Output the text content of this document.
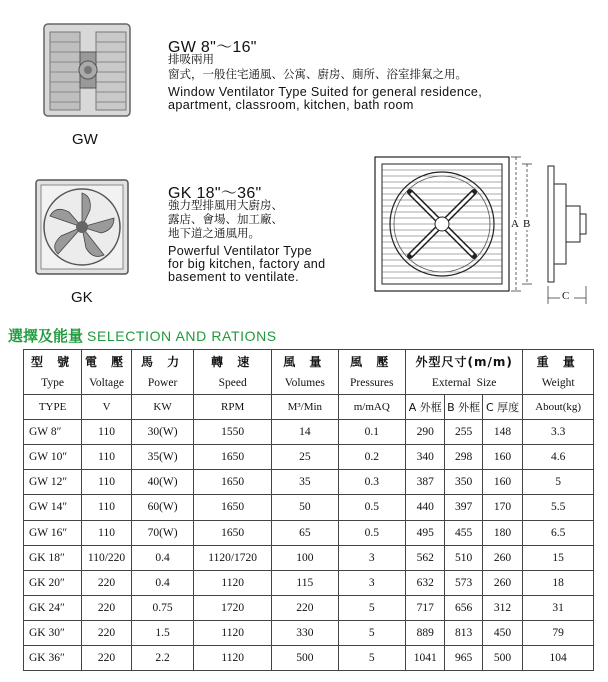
GW
GW 8"～16"
排吸兩用
窗式，一般住宅通風、公寓、廚房、廁所、浴室排氣之用。
Window Ventilator Type Suited for general residence,
apartment, classroom, kitchen, bath room
GK
GK 18"～36"
強力型排風用大廚房、
露店、會場、加工廠、
地下道之通風用。
Powerful Ventilator Type
for big kitchen, factory and
basement to ventilate.
A B
C
選擇及能量 SELECTION AND RATIONS
型 號	電 壓	馬 力	轉 速	風 量	風 壓	外型尺寸(m/m)			重 量
Type	Voltage	Power	Speed	Volumes	Pressures	External  Size			Weight
TYPE	V	KW	RPM	M³/Min	m/mAQ	A 外框	B 外框	C 厚度	About(kg)
GW 8″	110	30(W)	1550	14	0.1	290	255	148	3.3
GW 10″	110	35(W)	1650	25	0.2	340	298	160	4.6
GW 12″	110	40(W)	1650	35	0.3	387	350	160	5
GW 14″	110	60(W)	1650	50	0.5	440	397	170	5.5
GW 16″	110	70(W)	1650	65	0.5	495	455	180	6.5
GK 18″	110/220	0.4	1120/1720	100	3	562	510	260	15
GK 20″	220	0.4	1120	115	3	632	573	260	18
GK 24″	220	0.75	1720	220	5	717	656	312	31
GK 30″	220	1.5	1120	330	5	889	813	450	79
GK 36″	220	2.2	1120	500	5	1041	965	500	104
